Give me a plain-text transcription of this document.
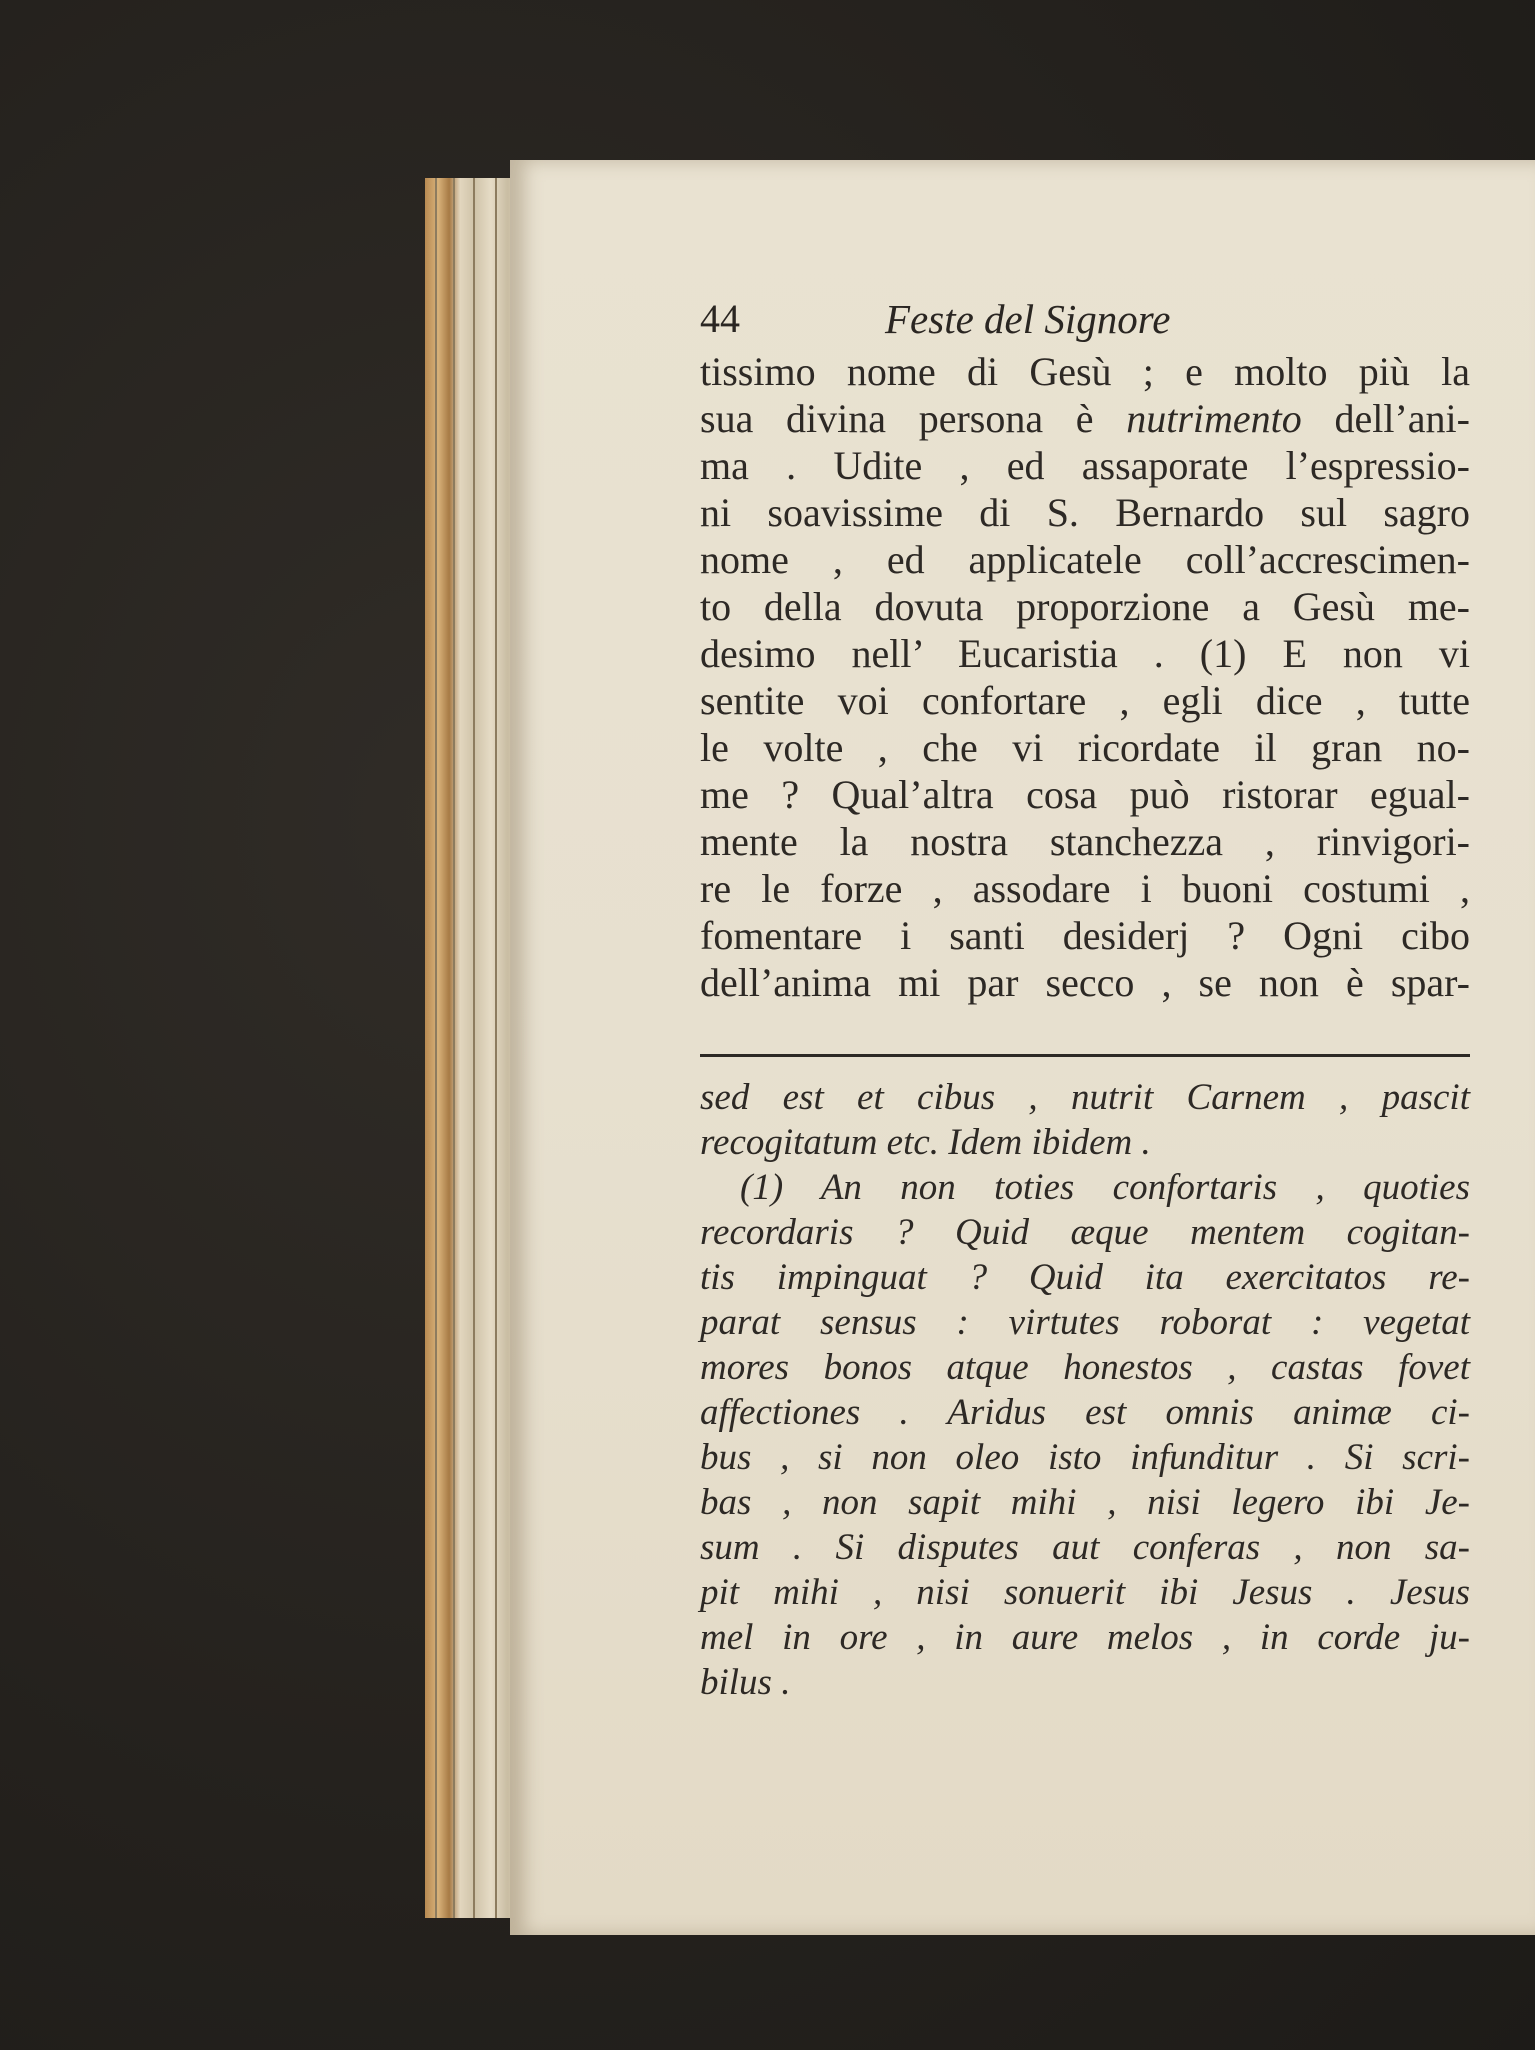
44	Feste del Signore
tissimo nome di Gesù ; e molto più la
sua divina persona è nutrimento dell’ani-
ma . Udite , ed assaporate l’espressio-
ni soavissime di S. Bernardo sul sagro
nome , ed applicatele coll’accrescimen-
to della dovuta proporzione a Gesù me-
desimo nell’ Eucaristia . (1) E non vi
sentite voi confortare , egli dice , tutte
le volte , che vi ricordate il gran no-
me ? Qual’altra cosa può ristorar egual-
mente la nostra stanchezza , rinvigori-
re le forze , assodare i buoni costumi ,
fomentare i santi desiderj ? Ogni cibo
dell’anima mi par secco , se non è spar-
sed est et cibus , nutrit Carnem , pascit
recogitatum etc. Idem ibidem .
(1) An non toties confortaris , quoties
recordaris ? Quid æque mentem cogitan-
tis impinguat ? Quid ita exercitatos re-
parat sensus : virtutes roborat : vegetat
mores bonos atque honestos , castas fovet
affectiones . Aridus est omnis animæ ci-
bus , si non oleo isto infunditur . Si scri-
bas , non sapit mihi , nisi legero ibi Je-
sum . Si disputes aut conferas , non sa-
pit mihi , nisi sonuerit ibi Jesus . Jesus
mel in ore , in aure melos , in corde ju-
bilus .
